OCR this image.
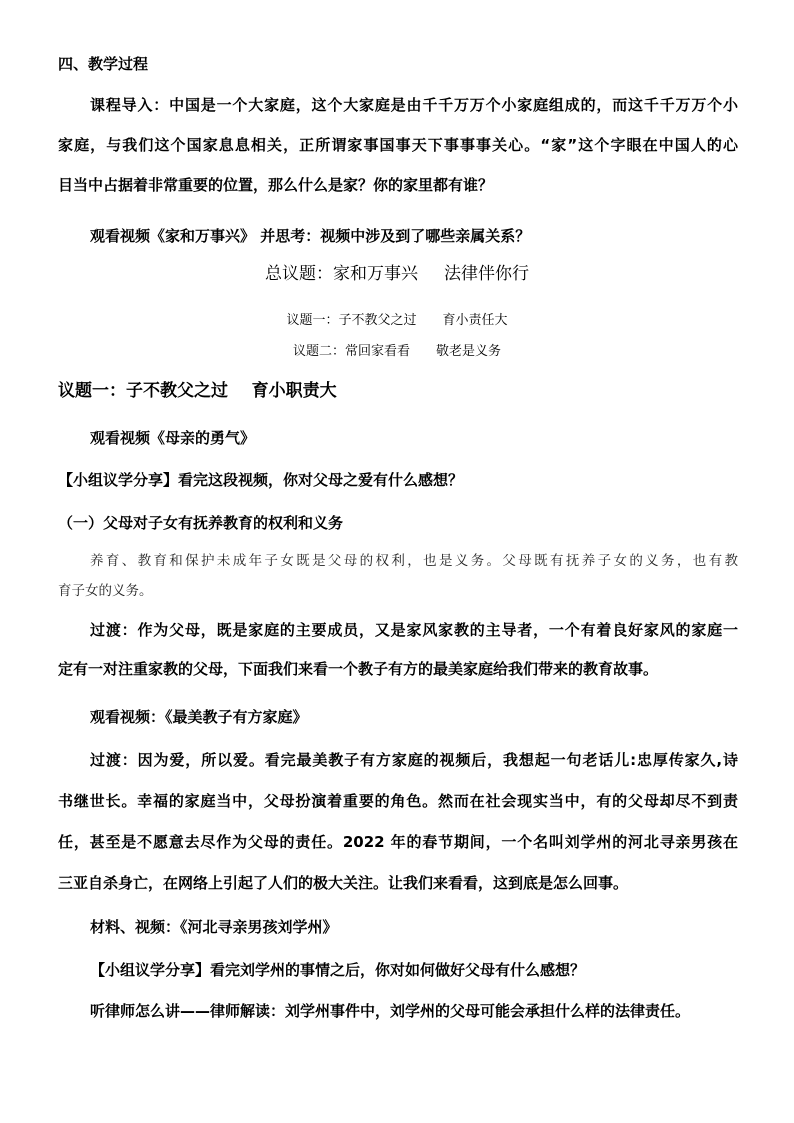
四、教学过程
课程导入：中国是一个大家庭，这个大家庭是由千千万万个小家庭组成的，而这千千万万个小
家庭，与我们这个国家息息相关，正所谓家事国事天下事事事关心。“家”这个字眼在中国人的心
目当中占据着非常重要的位置，那么什么是家？你的家里都有谁？
观看视频《家和万事兴》 并思考：视频中涉及到了哪些亲属关系？
总议题：家和万事兴 法律伴你行
议题一：子不教父之过 育小责任大
议题二：常回家看看 敬老是义务
议题一：子不教父之过    育小职责大
观看视频《母亲的勇气》
【小组议学分享】看完这段视频，你对父母之爱有什么感想？
（一）父母对子女有抚养教育的权利和义务
养育、教育和保护未成年子女既是父母的权利，也是义务。父母既有抚养子女的义务，也有教
育子女的义务。
过渡：作为父母，既是家庭的主要成员，又是家风家教的主导者，一个有着良好家风的家庭一
定有一对注重家教的父母，下面我们来看一个教子有方的最美家庭给我们带来的教育故事。
观看视频：《最美教子有方家庭》
过渡：因为爱，所以爱。看完最美教子有方家庭的视频后，我想起一句老话儿:忠厚传家久,诗
书继世长。幸福的家庭当中，父母扮演着重要的角色。然而在社会现实当中，有的父母却尽不到责
任，甚至是不愿意去尽作为父母的责任。2022 年的春节期间，一个名叫刘学州的河北寻亲男孩在
三亚自杀身亡，在网络上引起了人们的极大关注。让我们来看看，这到底是怎么回事。
材料、视频：《河北寻亲男孩刘学州》
【小组议学分享】看完刘学州的事情之后，你对如何做好父母有什么感想？
听律师怎么讲——律师解读：刘学州事件中，刘学州的父母可能会承担什么样的法律责任。
